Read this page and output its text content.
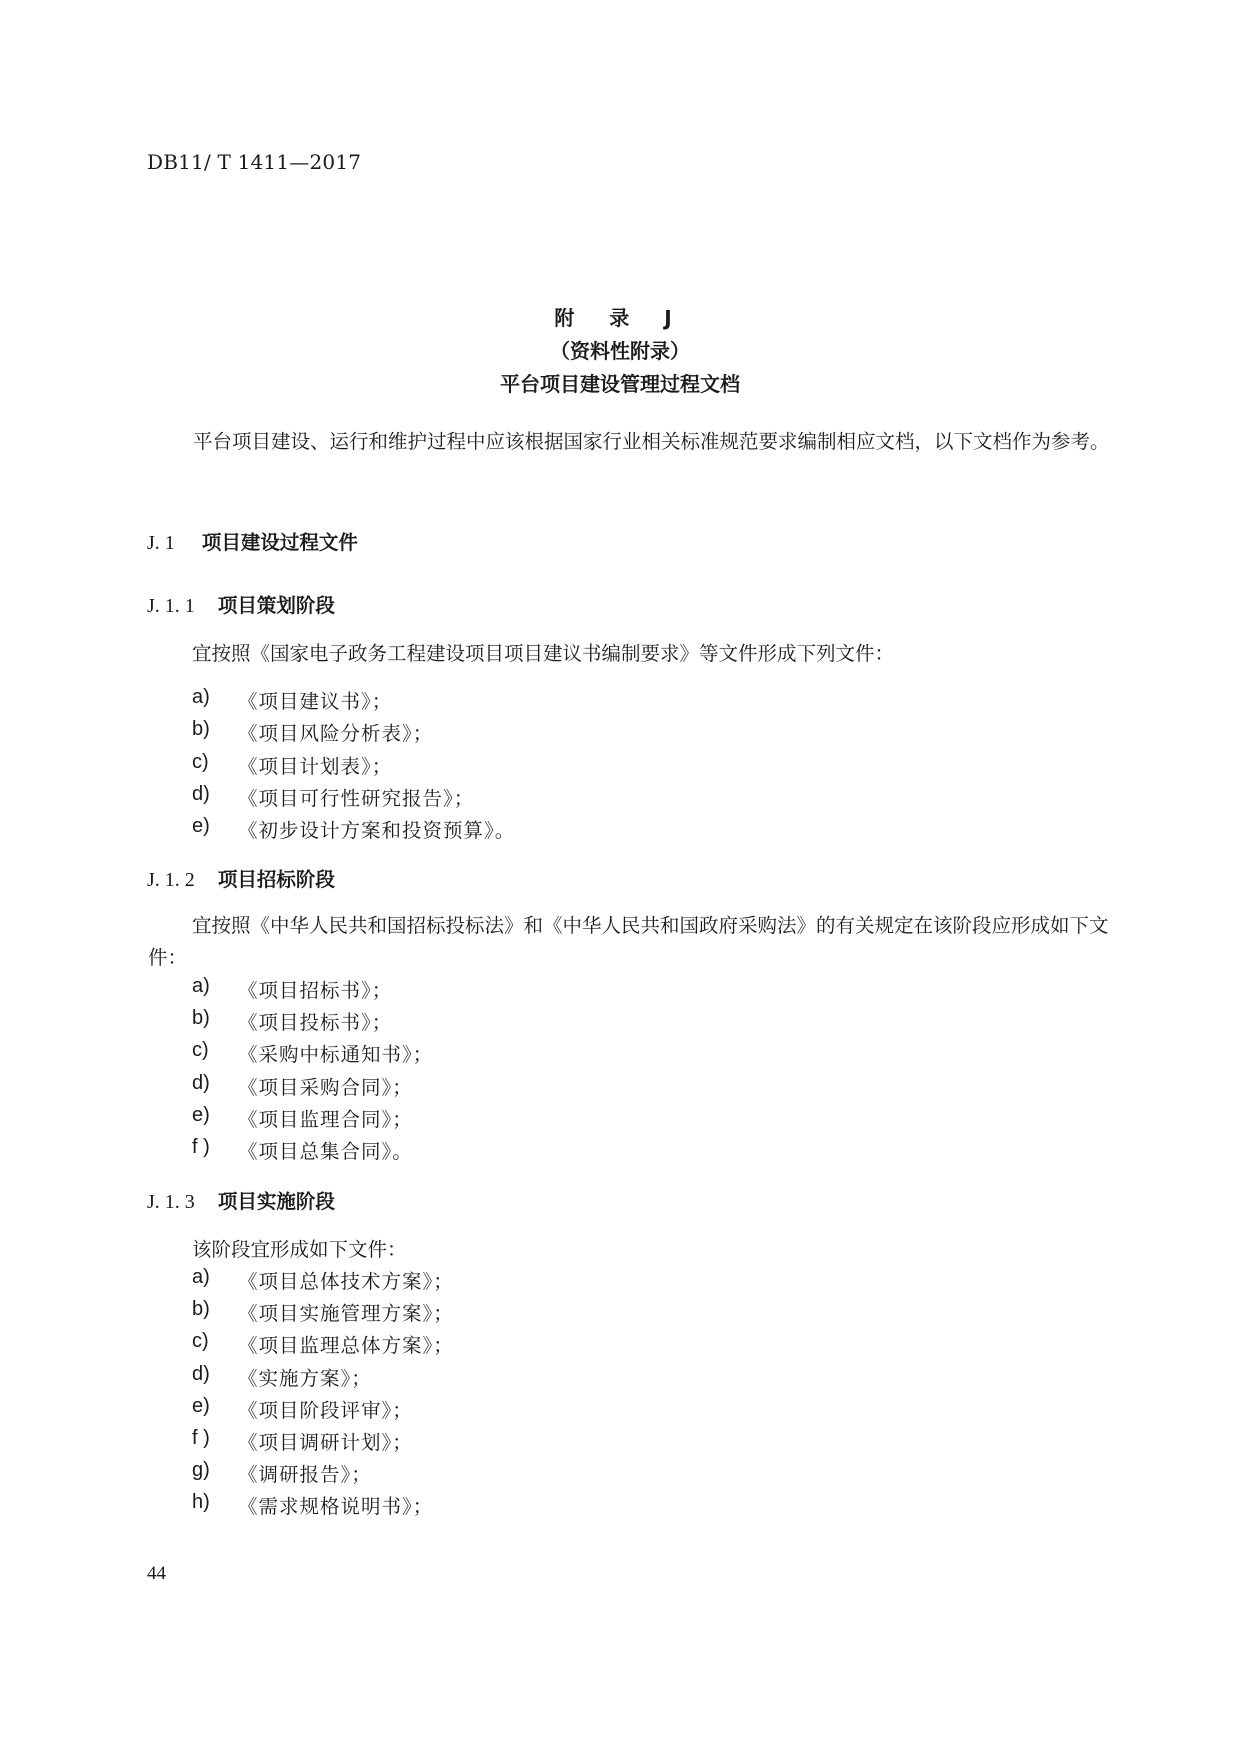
DB11/ T 1411—2017
附 录 J
（资料性附录）
平台项目建设管理过程文档
平台项目建设、运行和维护过程中应该根据国家行业相关标准规范要求编制相应文档，以下文档作为参考。
J. 1 项目建设过程文件
J. 1. 1 项目策划阶段
宜按照《国家电子政务工程建设项目项目建议书编制要求》等文件形成下列文件：
a) 《项目建议书》；
b) 《项目风险分析表》；
c) 《项目计划表》；
d) 《项目可行性研究报告》；
e) 《初步设计方案和投资预算》。
J. 1. 2 项目招标阶段
宜按照《中华人民共和国招标投标法》和《中华人民共和国政府采购法》的有关规定在该阶段应形成如下文件：
a) 《项目招标书》；
b) 《项目投标书》；
c) 《采购中标通知书》；
d) 《项目采购合同》；
e) 《项目监理合同》；
f ) 《项目总集合同》。
J. 1. 3 项目实施阶段
该阶段宜形成如下文件：
a) 《项目总体技术方案》；
b) 《项目实施管理方案》；
c) 《项目监理总体方案》；
d) 《实施方案》；
e) 《项目阶段评审》；
f ) 《项目调研计划》；
g) 《调研报告》；
h) 《需求规格说明书》；
44
